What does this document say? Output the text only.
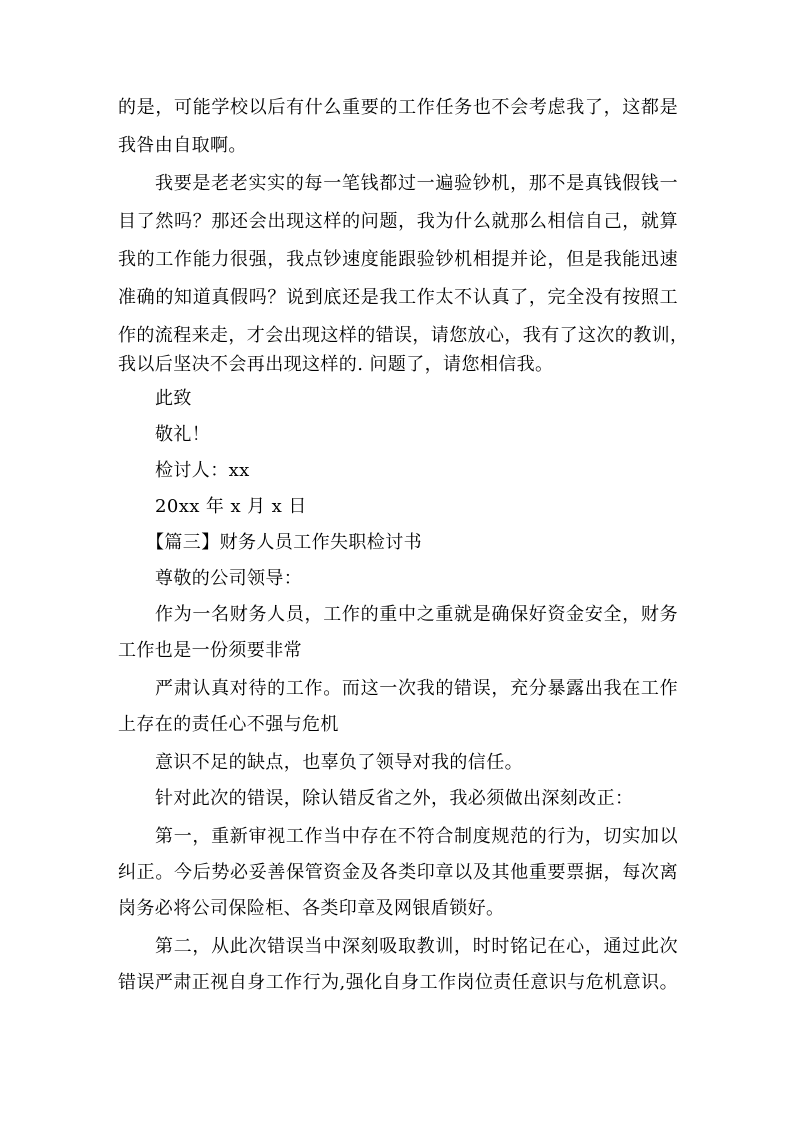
的是，可能学校以后有什么重要的工作任务也不会考虑我了，这都是

我咎由自取啊。

我要是老老实实的每一笔钱都过一遍验钞机，那不是真钱假钱一

目了然吗？那还会出现这样的问题，我为什么就那么相信自己，就算

我的工作能力很强，我点钞速度能跟验钞机相提并论，但是我能迅速

准确的知道真假吗？说到底还是我工作太不认真了，完全没有按照工

作的流程来走，才会出现这样的错误，请您放心，我有了这次的教训，

我以后坚决不会再出现这样的. 问题了，请您相信我。

此致

敬礼！

检讨人：xx

20xx 年 x 月 x 日

【篇三】财务人员工作失职检讨书

尊敬的公司领导：

作为一名财务人员，工作的重中之重就是确保好资金安全，财务

工作也是一份须要非常

严肃认真对待的工作。而这一次我的错误，充分暴露出我在工作

上存在的责任心不强与危机

意识不足的缺点，也辜负了领导对我的信任。

针对此次的错误，除认错反省之外，我必须做出深刻改正：

第一，重新审视工作当中存在不符合制度规范的行为，切实加以

纠正。今后势必妥善保管资金及各类印章以及其他重要票据，每次离

岗务必将公司保险柜、各类印章及网银盾锁好。

第二，从此次错误当中深刻吸取教训，时时铭记在心，通过此次

错误严肃正视自身工作行为,强化自身工作岗位责任意识与危机意识。
